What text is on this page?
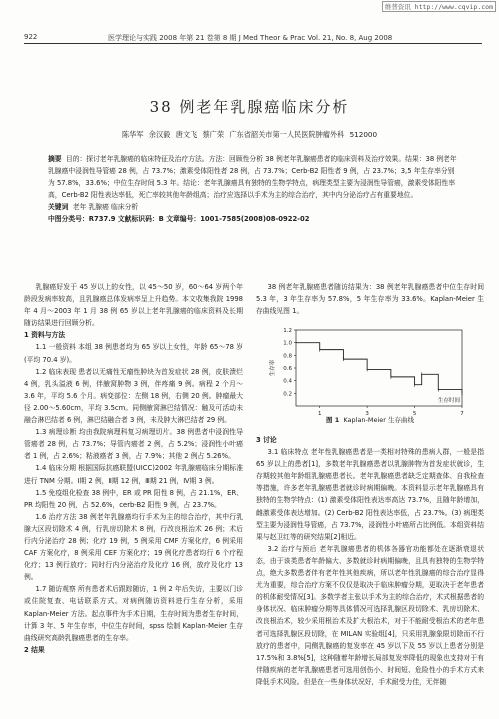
维普资讯 http://www.cqvip.com
922	医学理论与实践 2008 年第 21 卷第 8 期 J Med Theor & Prac Vol. 21, No. 8, Aug 2008
38 例老年乳腺癌临床分析
陈华军 余汉毅 唐文飞 蔡广荣 广东省韶关市第一人民医院肿瘤外科 512000
摘要 目的：探讨老年乳腺癌的临床特征及治疗方法。方法：回顾性分析 38 例老年乳腺癌患者的临床资料及治疗效果。结果：38 例老年乳腺癌中浸润性导管癌 28 例，占 73.7%；激素受体阳性者 28 例，占 73.7%；Cerb-B2 阳性者 9 例，占 23.7%；3,5 年生存率分别为 57.8%，33.6%；中位生存时间 5.3 年。结论：老年乳腺癌具有独特的生物学特点，病理类型主要为浸润性导管癌，激素受体阳性率高，Cerb-B2 阳性表达率低，死亡率较其他年龄组高；治疗应选择以手术为主的综合治疗，其中内分泌治疗占有重要地位。
关键词 老年 乳腺癌 临床分析
中图分类号：R737.9 文献标识码：B 文章编号：1001-7585(2008)08-0922-02

乳腺癌好发于 45 岁以上的女性，以 45～50 岁，60～64 岁两个年龄段发病率较高，且乳腺癌总体发病率呈上升趋势。本文收集我院 1998 年 4 月～2003 年 1 月 38 例 65 岁以上老年乳腺癌的临床资料及长期随访结果进行回顾分析。

1 资料与方法

1.1 一般资料 本组 38 例患者均为 65 岁以上女性，年龄 65～78 岁(平均 70.4 岁)。

1.2 临床表现 患者以无痛性无瘤性肿块为首发症状 28 例，皮肤溃烂 4 例，乳头溢液 6 例，伴腋窝肿物 3 例，伴疼痛 9 例。病程 2 个月～3.6 年，平均 5.6 个月。病变部位：左侧 18 例，右侧 20 例。肿瘤最大径 2.00～5.60cm，平均 3.5cm。同侧腋窝淋巴结情况：触及可活动未融合淋巴结者 6 例，淋巴结融合者 3 例，未及肿大淋巴结者 29 例。

1.3 病理诊断 均由我院病理科复习病理切片。38 例患者中浸润性导管癌者 28 例，占 73.7%；导管内癌者 2 例，占 5.2%；浸润性小叶癌者 1 例，占 2.6%；粘液癌者 3 例，占 7.9%；其他 2 例占 5.26%。

1.4 临床分期 根据国际抗癌联盟(UICC)2002 年乳腺癌临床分期标准进行 TNM 分期。Ⅰ期 2 例，Ⅱ期 12 例，Ⅲ期 21 例，Ⅳ期 3 例。

1.5 免疫组化检查 38 例中，ER 或 PR 阳性 8 例，占 21.1%，ER、PR 均阳性 20 例，占 52.6%，cerb-B2 阳性 9 例，占 23.7%。

1.6 治疗方法 38 例老年乳腺癌均行手术为主的综合治疗，其中行乳腺大区段切除术 4 例，行乳房切除术 8 例，行改良根治术 26 例；术后行内分泌治疗 28 例；化疗 19 例，5 例采用 CMF 方案化疗，6 例采用 CAF 方案化疗，8 例采用 CEF 方案化疗；19 例化疗患者均行 6 个疗程化疗；13 例行放疗；同时行内分泌治疗及化疗 16 例，放疗及化疗 13 例。

1.7 随访观察 所有患者术后跟踪随访，1 例 2 年后失访，主要以门诊或住院复查、电话联系方式。对病例随访资料进行生存分析，采用 Kaplan-Meier 方法。起点事件为手术日期，生存时间为患者生存时间，计算 3 年、5 年生存率，中位生存时间，spss 绘制 Kaplan-Meier 生存曲线研究高龄乳腺癌患者的生存率。

2 结果

38 例老年乳腺癌患者随访结果为：38 例老年乳腺癌患者中位生存时间 5.3 年，3 年生存率为 57.8%，5 年生存率为 33.6%。Kaplan-Meier 生存曲线见图 1。

0.2
0.4
0.6
0.8
1.0
1.2
1	3	5	7
生存率
生存时间
图 1 Kaplan-Meier 生存曲线

3 讨论

3.1 临床特点 老年性乳腺癌患者是一类相对特殊的患病人群，一般是指 65 岁以上的患者[1]，多数老年乳腺癌患者以乳腺肿物为首发症状就诊，生存期较其他年龄组乳腺癌患者长。老年乳腺癌患者缺乏定期查体、自我检查等措施，许多老年乳腺癌患者就诊时病期偏晚。本资料显示老年乳腺癌具有独特的生物学特点：(1) 激素受体阳性表达率高达 73.7%，且随年龄增加，雌激素受体表达增加。(2) Cerb-B2 阳性表达率低，占 23.7%。(3) 病理类型主要为浸润性导管癌，占 73.7%，浸润性小叶癌所占比例低。本组资料结果与赵卫红等的研究结果[2]相近。

3.2 治疗与预后 老年乳腺癌患者的机体各器官功能都处在逐渐衰退状态，由于该类患者年龄偏大、多数就诊时病期偏晚，且具有独特的生物学特点，绝大多数患者伴有老年性其他疾病，所以老年性乳腺癌的综合治疗显得尤为重要，综合治疗方案不仅仅是取决于临床肿瘤分期，更取决于老年患者的机体耐受情况[3]。多数学者主张以手术为主的综合治疗，术式根据患者的身体状况、临床肿瘤分期等具体情况可选择乳腺区段切除术、乳房切除术、改良根治术，较少采用根治术及扩大根治术，对于不能耐受根治术的老年患者可选择乳腺区段切除，在 MILAN 实验组[4]，只采用乳腺象限切除而不行放疗的患者中，同侧乳腺癌的复发率在 45 岁以下及 55 岁以上患者分别是 17.5%和 3.8%[5]，这种随着年龄增长局部复发率降低的现象也支持对于有伴随疾病的老年乳腺癌患者可选用创伤小、时间短、危险性小的手术方式来降低手术风险。但是在一些身体状况好，手术耐受力佳，无伴随
